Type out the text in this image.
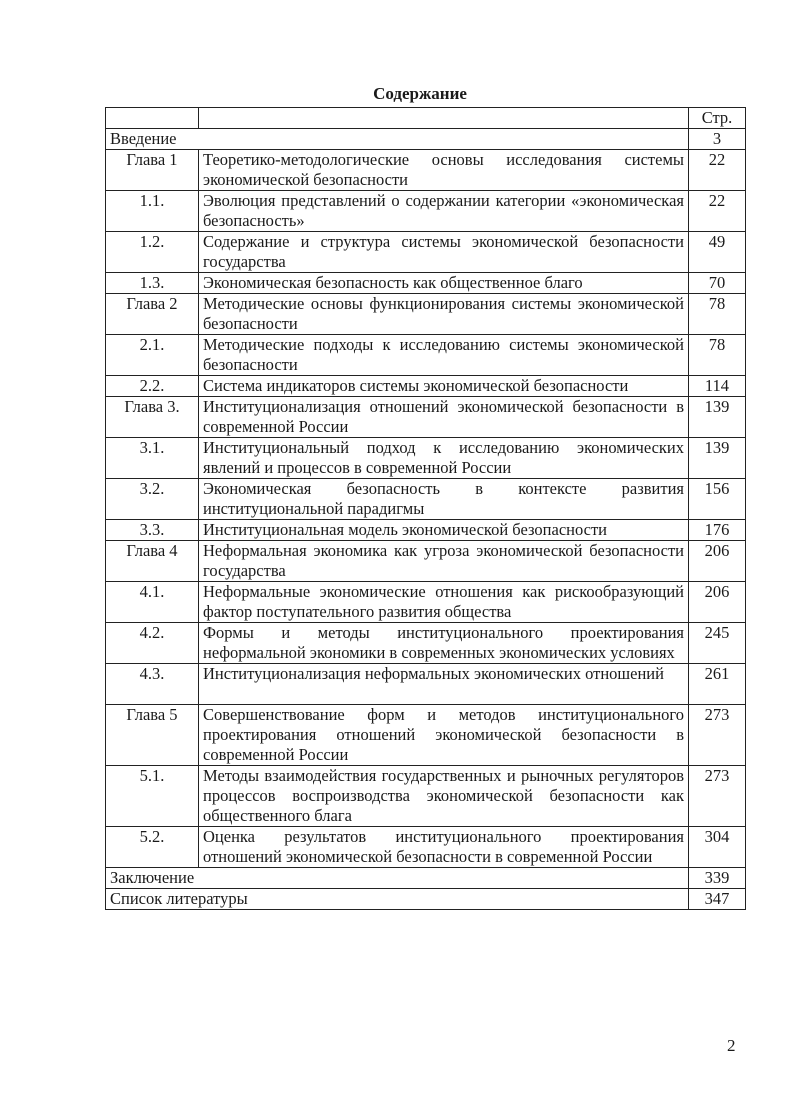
Содержание
		Стр.
Введение		3
Глава 1	Теоретико-методологические основы исследования системы экономической безопасности	22
1.1.	Эволюция представлений о содержании категории «экономическая безопасность»	22
1.2.	Содержание и структура системы экономической безопасности государства	49
1.3.	Экономическая безопасность как общественное благо	70
Глава 2	Методические основы функционирования системы экономической безопасности	78
2.1.	Методические подходы к исследованию системы экономической безопасности	78
2.2.	Система индикаторов системы экономической безопасности	114
Глава 3.	Институционализация отношений экономической безопасности в современной России	139
3.1.	Институциональный подход к исследованию экономических явлений и процессов в современной России	139
3.2.	Экономическая безопасность в контексте развития институциональной парадигмы	156
3.3.	Институциональная модель экономической безопасности	176
Глава 4	Неформальная экономика как угроза экономической безопасности государства	206
4.1.	Неформальные экономические отношения как рискообразующий фактор поступательного развития общества	206
4.2.	Формы и методы институционального проектирования неформальной экономики в современных экономических условиях	245
4.3.	Институционализация неформальных экономических отношений	261
Глава 5	Совершенствование форм и методов институционального проектирования отношений экономической безопасности в современной России	273
5.1.	Методы взаимодействия государственных и рыночных регуляторов процессов воспроизводства экономической безопасности как общественного блага	273
5.2.	Оценка результатов институционального проектирования отношений экономической безопасности в современной России	304
Заключение		339
Список литературы		347
2
